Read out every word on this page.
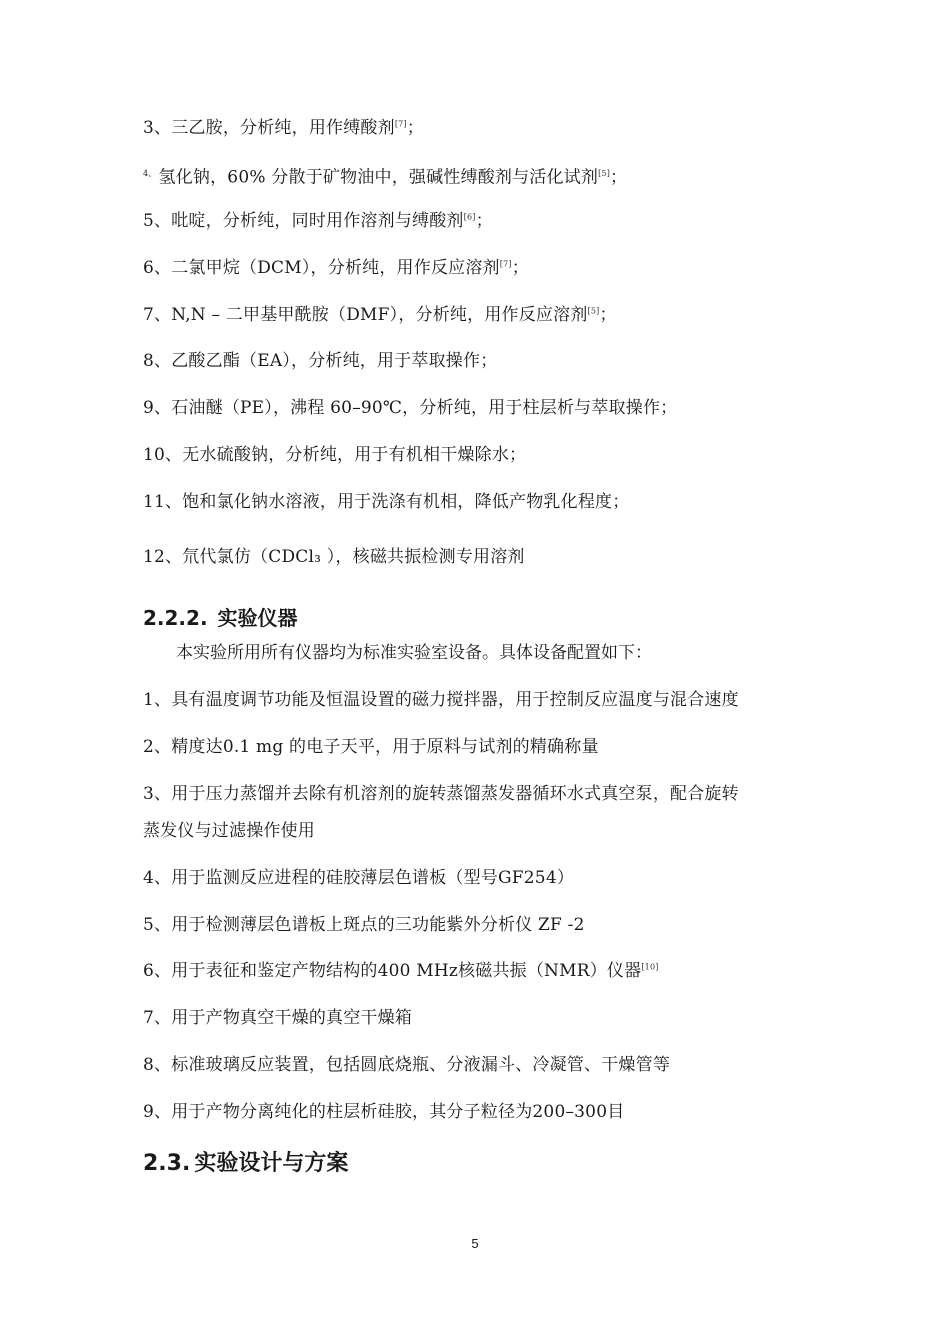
3、三乙胺，分析纯，用作缚酸剂[7]；
$^{4、}$ 氢化钠，60% 分散于矿物油中，强碱性缚酸剂与活化试剂[5]；
5、吡啶，分析纯，同时用作溶剂与缚酸剂[6]；
6、二氯甲烷（DCM），分析纯，用作反应溶剂[7]；
7、N,N – 二甲基甲酰胺（DMF），分析纯，用作反应溶剂[5]；
8、乙酸乙酯（EA），分析纯，用于萃取操作；
9、石油醚（PE），沸程 60–90℃，分析纯，用于柱层析与萃取操作；
10、无水硫酸钠，分析纯，用于有机相干燥除水；
11、饱和氯化钠水溶液，用于洗涤有机相，降低产物乳化程度；
12、氘代氯仿（CDCl₃ ），核磁共振检测专用溶剂
2.2.2. 实验仪器
本实验所用所有仪器均为标准实验室设备。具体设备配置如下：
1、具有温度调节功能及恒温设置的磁力搅拌器，用于控制反应温度与混合速度
2、精度达0.1 mg 的电子天平，用于原料与试剂的精确称量
3、用于压力蒸馏并去除有机溶剂的旋转蒸馏蒸发器循环水式真空泵，配合旋转
蒸发仪与过滤操作使用
4、用于监测反应进程的硅胶薄层色谱板（型号GF254）
5、用于检测薄层色谱板上斑点的三功能紫外分析仪 ZF -2
6、用于表征和鉴定产物结构的400 MHz核磁共振（NMR）仪器[10]
7、用于产物真空干燥的真空干燥箱
8、标准玻璃反应装置，包括圆底烧瓶、分液漏斗、冷凝管、干燥管等
9、用于产物分离纯化的柱层析硅胶，其分子粒径为200–300目
2.3. 实验设计与方案
5
